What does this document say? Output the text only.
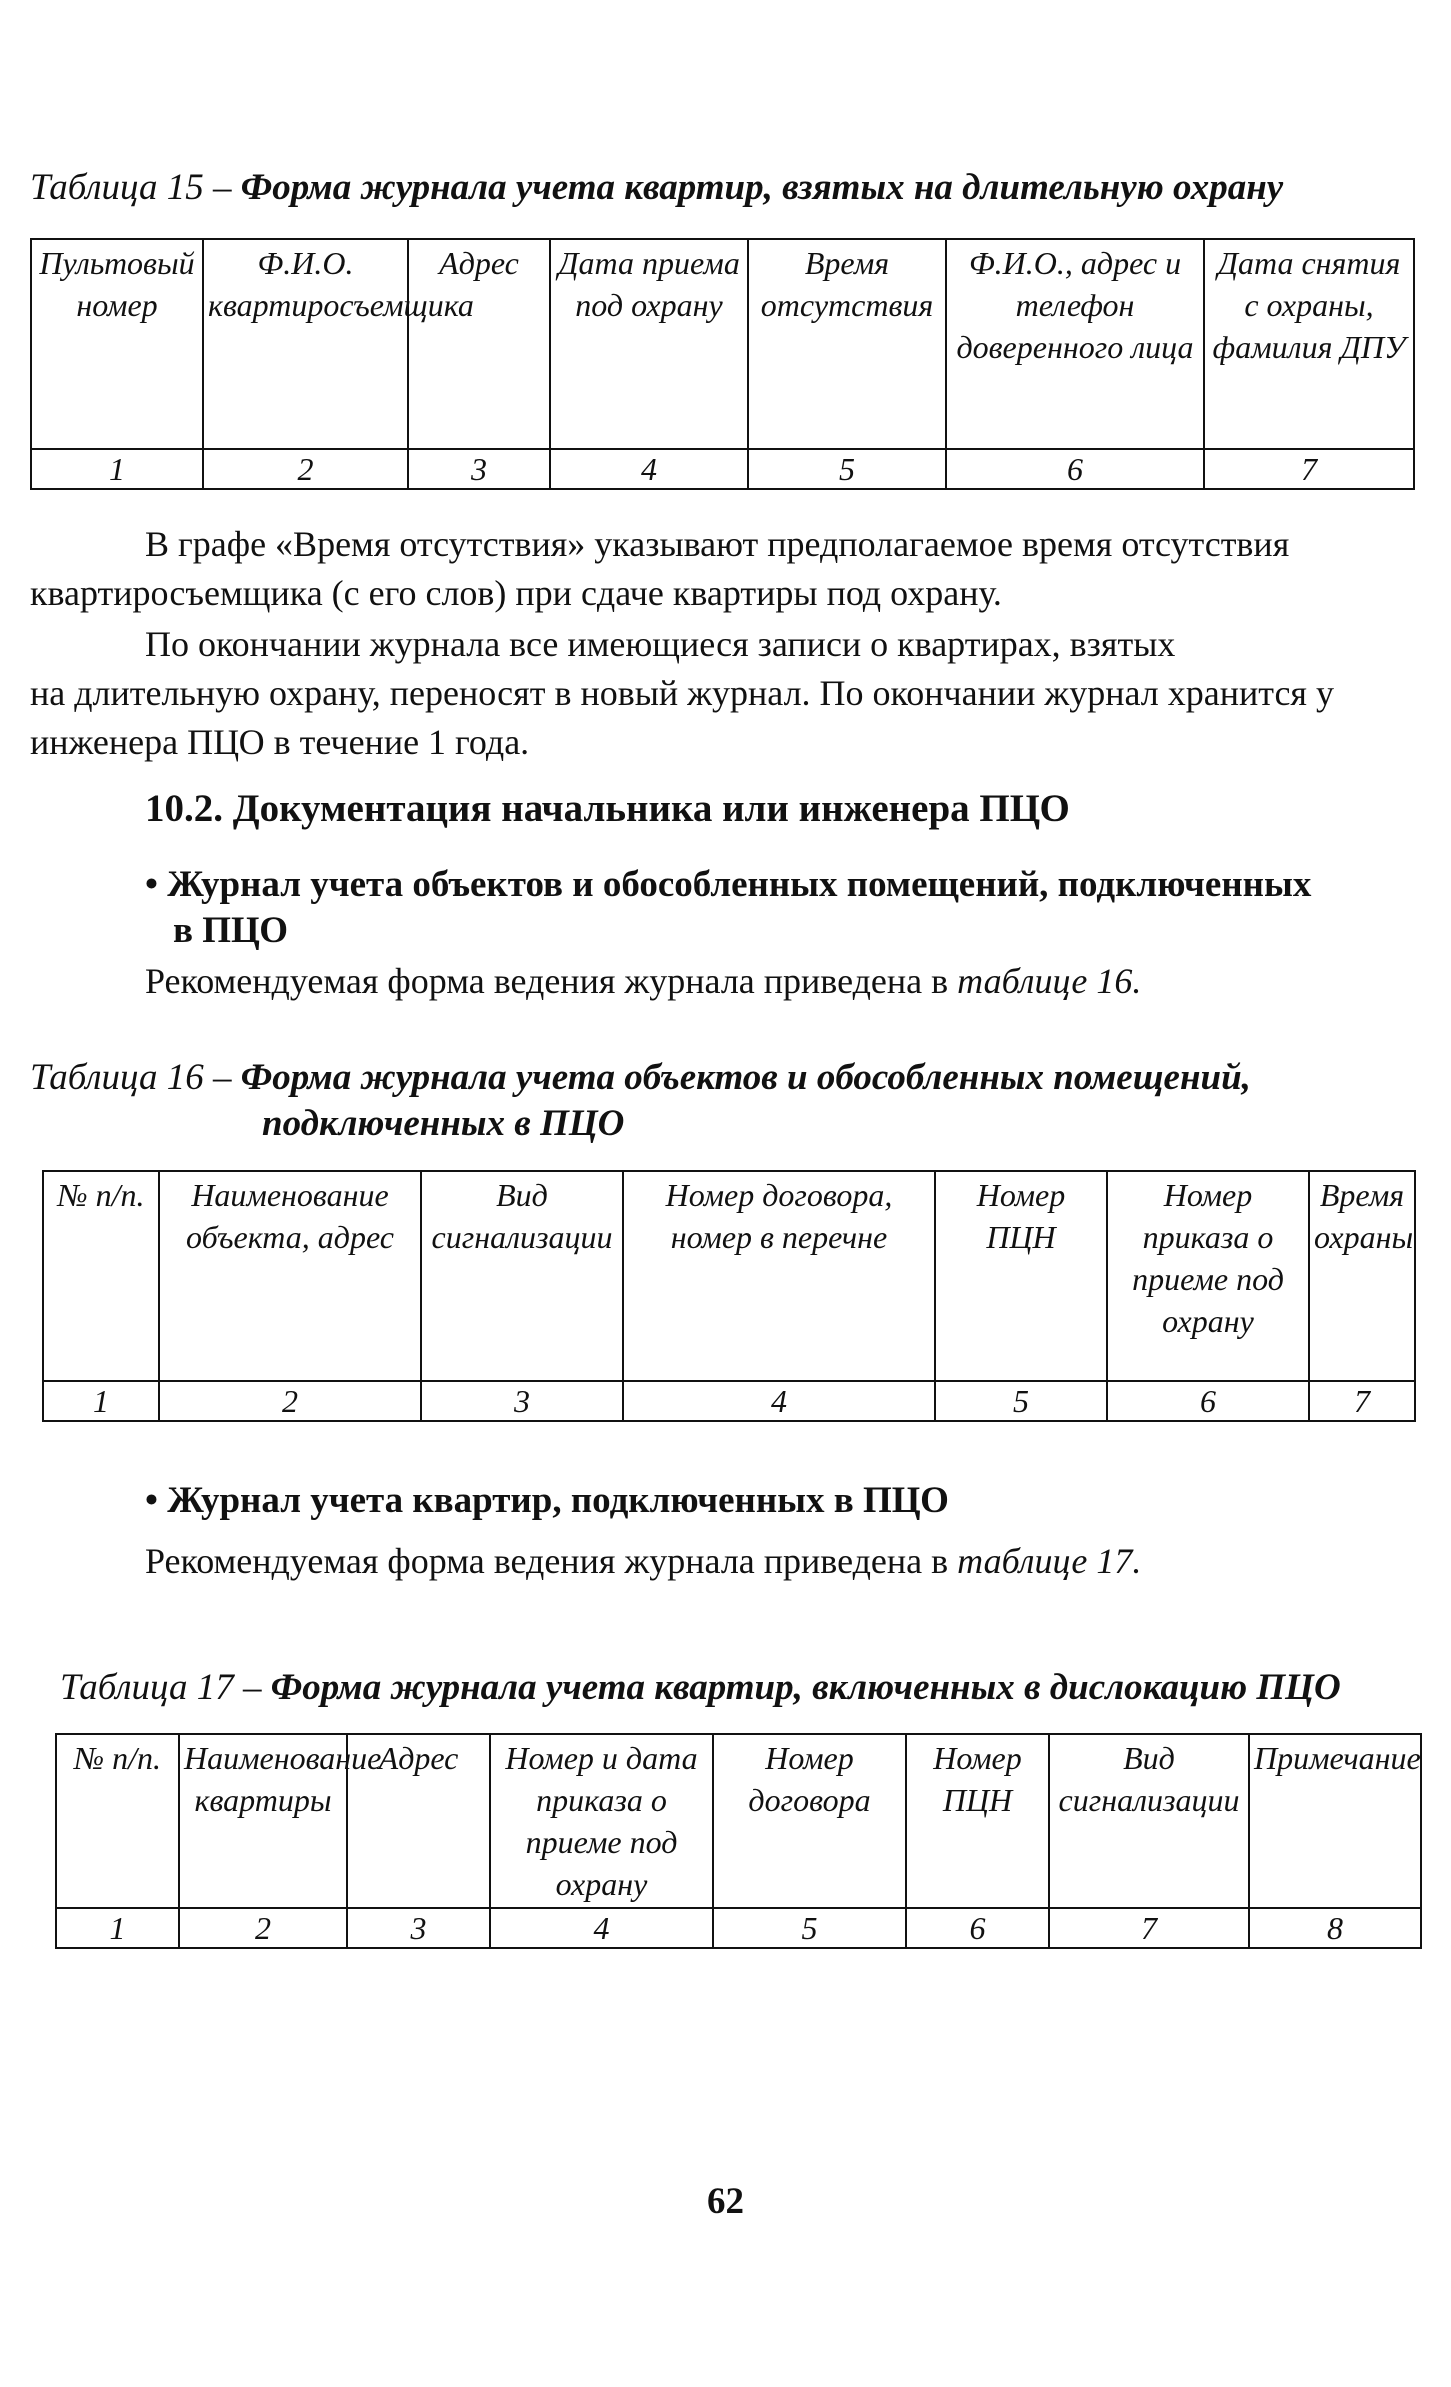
Таблица 15 – Форма журнала учета квартир, взятых на длительную охрану
Пультовый номер	Ф.И.О. квартиросъемщика	Адрес	Дата приема под охрану	Время отсутствия	Ф.И.О., адрес и телефон доверенного лица	Дата снятия с охраны, фамилия ДПУ
1	2	3	4	5	6	7
В графе «Время отсутствия» указывают предполагаемое время отсутствия
квартиросъемщика (с его слов) при сдаче квартиры под охрану.
По окончании журнала все имеющиеся записи о квартирах, взятых
на длительную охрану, переносят в новый журнал. По окончании журнал хранится у
инженера ПЦО в течение 1 года.
10.2. Документация начальника или инженера ПЦО
• Журнал учета объектов и обособленных помещений, подключенных
в ПЦО
Рекомендуемая форма ведения журнала приведена в таблице 16.
Таблица 16 – Форма журнала учета объектов и обособленных помещений,
подключенных в ПЦО
№ п/п.	Наименование объекта, адрес	Вид сигнализации	Номер договора, номер в перечне	Номер ПЦН	Номер приказа о приеме под охрану	Время охраны
1	2	3	4	5	6	7
• Журнал учета квартир, подключенных в ПЦО
Рекомендуемая форма ведения журнала приведена в таблице 17.
Таблица 17 – Форма журнала учета квартир, включенных в дислокацию ПЦО
№ п/п.	Наименование квартиры	Адрес	Номер и дата приказа о приеме под охрану	Номер договора	Номер ПЦН	Вид сигнализации	Примечание
1	2	3	4	5	6	7	8
62
